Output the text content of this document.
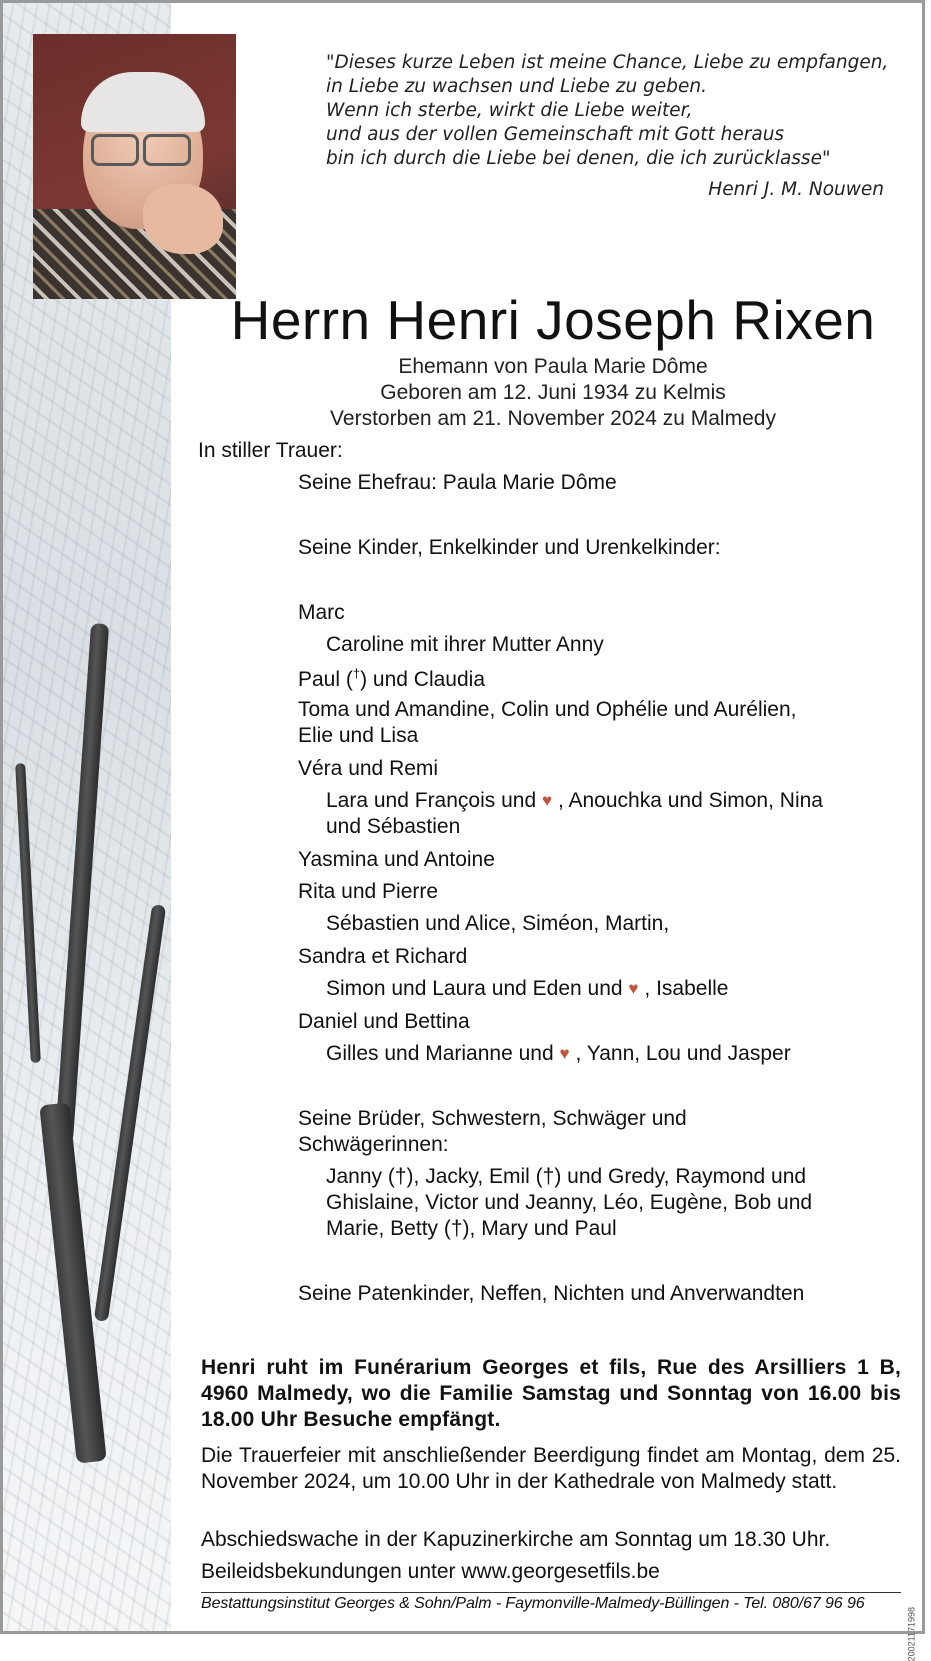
"Dieses kurze Leben ist meine Chance, Liebe zu empfangen,
in Liebe zu wachsen und Liebe zu geben.
Wenn ich sterbe, wirkt die Liebe weiter,
und aus der vollen Gemeinschaft mit Gott heraus
bin ich durch die Liebe bei denen, die ich zurücklasse"
Henri J. M. Nouwen
Herrn Henri Joseph Rixen
Ehemann von Paula Marie Dôme
Geboren am 12. Juni 1934 zu Kelmis
Verstorben am 21. November 2024 zu Malmedy
In stiller Trauer:
Seine Ehefrau: Paula Marie Dôme
Seine Kinder, Enkelkinder und Urenkelkinder:
Marc
Caroline mit ihrer Mutter Anny
Paul (†) und Claudia
Toma und Amandine, Colin und Ophélie und Aurélien,
Elie und Lisa
Véra und Remi
Lara und François und ♥ , Anouchka und Simon, Nina
und Sébastien
Yasmina und Antoine
Rita und Pierre
Sébastien und Alice, Siméon, Martin,
Sandra et Richard
Simon und Laura und Eden und ♥ , Isabelle
Daniel und Bettina
Gilles und Marianne und ♥ , Yann, Lou und Jasper
Seine Brüder, Schwestern, Schwäger und
Schwägerinnen:
Janny (†), Jacky, Emil (†) und Gredy, Raymond und
Ghislaine, Victor und Jeanny, Léo, Eugène, Bob und
Marie, Betty (†), Mary und Paul
Seine Patenkinder, Neffen, Nichten und Anverwandten
Henri ruht im Funérarium Georges et fils, Rue des Arsilliers 1 B, 4960 Malmedy, wo die Familie Samstag und Sonntag von 16.00 bis 18.00 Uhr Besuche empfängt.
Die Trauerfeier mit anschließender Beerdigung findet am Montag, dem 25. November 2024, um 10.00 Uhr in der Kathedrale von Malmedy statt.
Abschiedswache in der Kapuzinerkirche am Sonntag um 18.30 Uhr.
Beileidsbekundungen unter www.georgesetfils.be
Bestattungsinstitut Georges & Sohn/Palm - Faymonville-Malmedy-Büllingen - Tel. 080/67 96 96
20021171998
